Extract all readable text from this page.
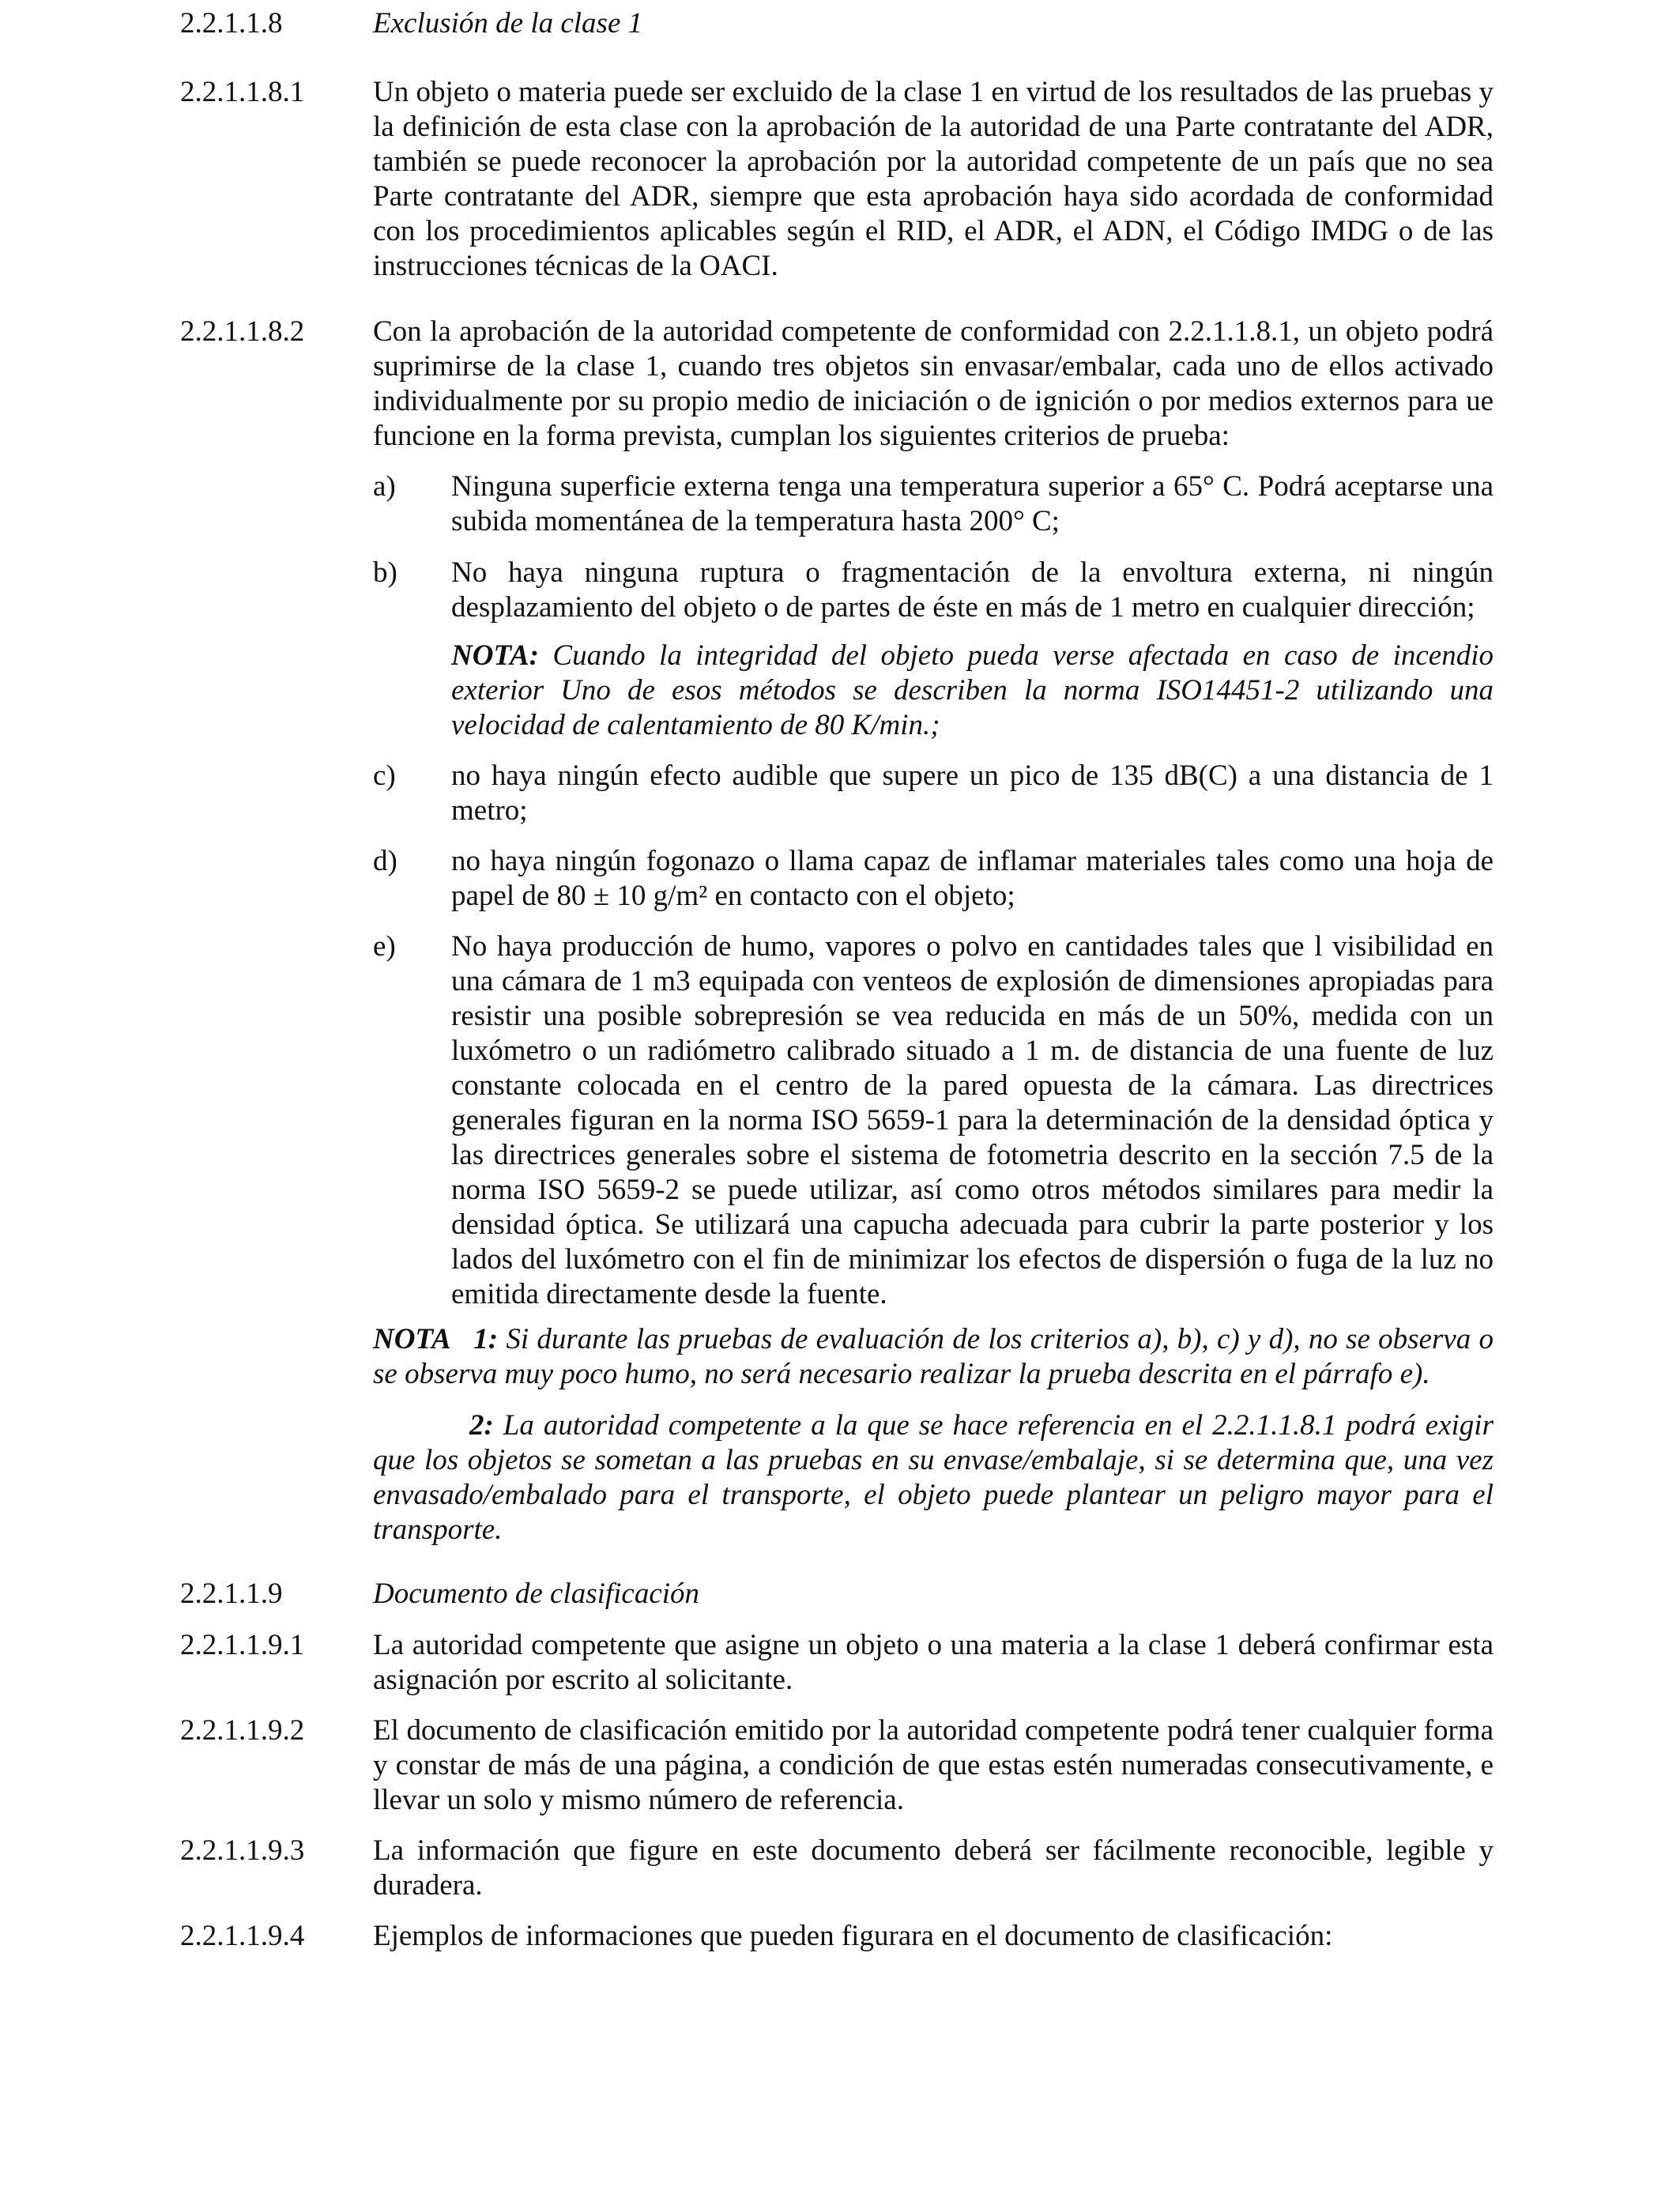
2.2.1.1.8	Exclusión de la clase 1
2.2.1.1.8.1 Un objeto o materia puede ser excluido de la clase 1 en virtud de los resultados de las pruebas y la definición de esta clase con la aprobación de la autoridad de una Parte contratante del ADR, también se puede reconocer la aprobación por la autoridad competente de un país que no sea Parte contratante del ADR, siempre que esta aprobación haya sido acordada de conformidad con los procedimientos aplicables según el RID, el ADR, el ADN, el Código IMDG o de las instrucciones técnicas de la OACI.
2.2.1.1.8.2 Con la aprobación de la autoridad competente de conformidad con 2.2.1.1.8.1, un objeto podrá suprimirse de la clase 1, cuando tres objetos sin envasar/embalar, cada uno de ellos activado individualmente por su propio medio de iniciación o de ignición o por medios externos para ue funcione en la forma prevista, cumplan los siguientes criterios de prueba:
a)	Ninguna superficie externa tenga una temperatura superior a 65° C. Podrá aceptarse una subida momentánea de la temperatura hasta 200° C;
b) No haya ninguna ruptura o fragmentación de la envoltura externa, ni ningún desplazamiento del objeto o de partes de éste en más de 1 metro en cualquier dirección;
NOTA: Cuando la integridad del objeto pueda verse afectada en caso de incendio exterior Uno de esos métodos se describen la norma ISO14451-2 utilizando una velocidad de calentamiento de 80 K/min.;
c) no haya ningún efecto audible que supere un pico de 135 dB(C) a una distancia de 1 metro;
d) no haya ningún fogonazo o llama capaz de inflamar materiales tales como una hoja de papel de 80 ± 10 g/m² en contacto con el objeto;
e) No haya producción de humo, vapores o polvo en cantidades tales que l visibilidad en una cámara de 1 m3 equipada con venteos de explosión de dimensiones apropiadas para resistir una posible sobrepresión se vea reducida en más de un 50%, medida con un luxómetro o un radiómetro calibrado situado a 1 m. de distancia de una fuente de luz constante colocada en el centro de la pared opuesta de la cámara. Las directrices generales figuran en la norma ISO 5659-1 para la determinación de la densidad óptica y las directrices generales sobre el sistema de fotometria descrito en la sección 7.5 de la norma ISO 5659-2 se puede utilizar, así como otros métodos similares para medir la densidad óptica. Se utilizará una capucha adecuada para cubrir la parte posterior y los lados del luxómetro con el fin de minimizar los efectos de dispersión o fuga de la luz no emitida directamente desde la fuente.
NOTA   1: Si durante las pruebas de evaluación de los criterios a), b), c) y d), no se observa o se observa muy poco humo, no será necesario realizar la prueba descrita en el párrafo e).
2: La autoridad competente a la que se hace referencia en el 2.2.1.1.8.1 podrá exigir que los objetos se sometan a las pruebas en su envase/embalaje, si se determina que, una vez envasado/embalado para el transporte, el objeto puede plantear un peligro mayor para el transporte.
2.2.1.1.9	Documento de clasificación
2.2.1.1.9.1 La autoridad competente que asigne un objeto o una materia a la clase 1 deberá confirmar esta asignación por escrito al solicitante.
2.2.1.1.9.2 El documento de clasificación emitido por la autoridad competente podrá tener cualquier forma y constar de más de una página, a condición de que estas estén numeradas consecutivamente, e llevar un solo y mismo número de referencia.
2.2.1.1.9.3 La información que figure en este documento deberá ser fácilmente reconocible, legible y duradera.
2.2.1.1.9.4 Ejemplos de informaciones que pueden figurara en el documento de clasificación:
